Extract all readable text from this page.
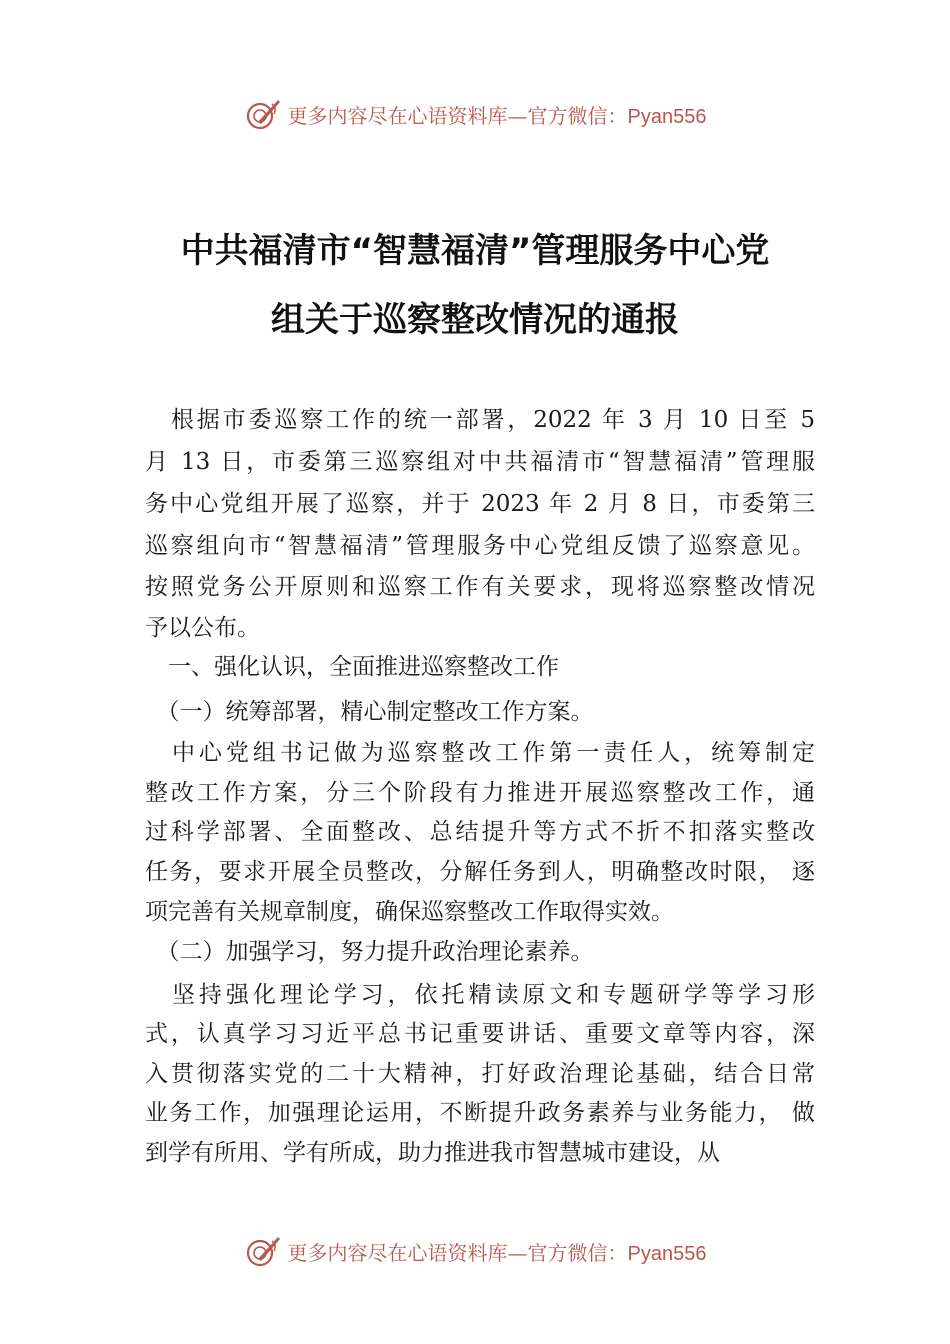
更多内容尽在心语资料库—官方微信：Pyan556
中共福清市“智慧福清”管理服务中心党
组关于巡察整改情况的通报
　根据市委巡察工作的统一部署，2022 年 3 月 10 日至 5
月 13 日，市委第三巡察组对中共福清市“智慧福清”管理服
务中心党组开展了巡察，并于 2023 年 2 月 8 日，市委第三
巡察组向市“智慧福清”管理服务中心党组反馈了巡察意见。
按照党务公开原则和巡察工作有关要求，现将巡察整改情况
予以公布。
　一、强化认识，全面推进巡察整改工作
　（一）统筹部署，精心制定整改工作方案。
　中心党组书记做为巡察整改工作第一责任人，统筹制定
整改工作方案，分三个阶段有力推进开展巡察整改工作，通
过科学部署、全面整改、总结提升等方式不折不扣落实整改
任务，要求开展全员整改，分解任务到人，明确整改时限， 逐
项完善有关规章制度，确保巡察整改工作取得实效。
　（二）加强学习，努力提升政治理论素养。
　坚持强化理论学习，依托精读原文和专题研学等学习形
式，认真学习习近平总书记重要讲话、重要文章等内容，深
入贯彻落实党的二十大精神，打好政治理论基础，结合日常
业务工作，加强理论运用，不断提升政务素养与业务能力， 做
到学有所用、学有所成，助力推进我市智慧城市建设，从
更多内容尽在心语资料库—官方微信：Pyan556
